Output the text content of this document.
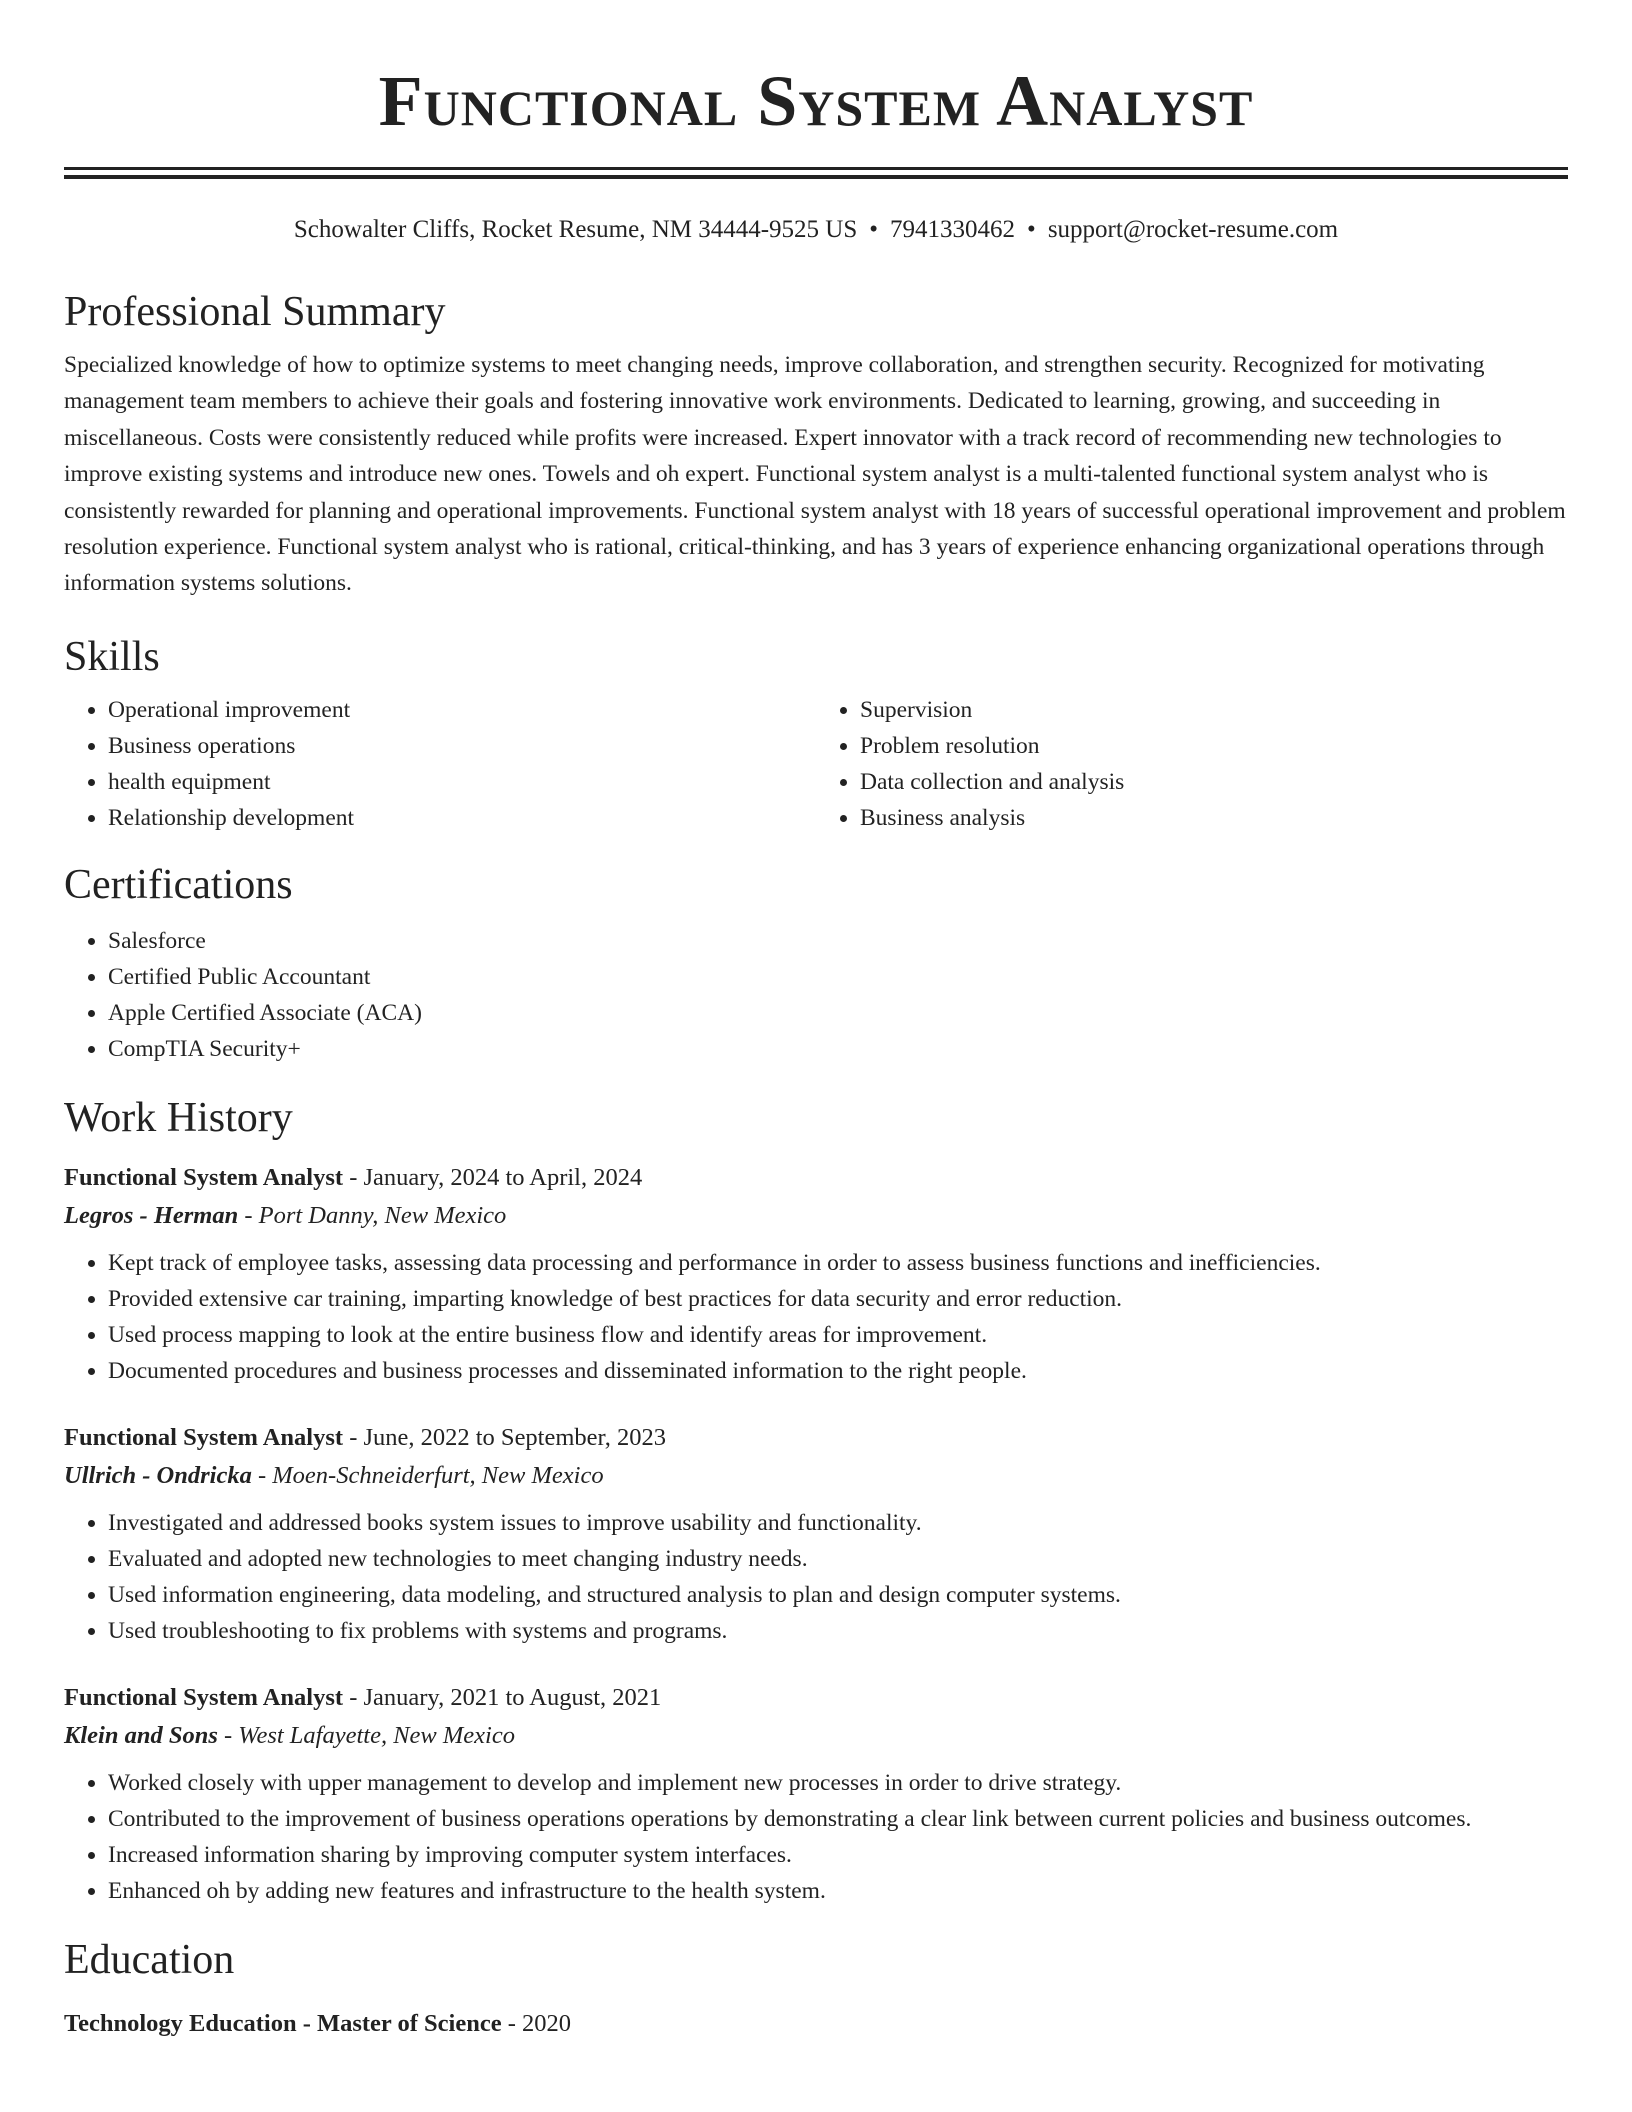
Functional System Analyst
Schowalter Cliffs, Rocket Resume, NM 34444-9525 US • 7941330462 • support@rocket-resume.com
Professional Summary

Specialized knowledge of how to optimize systems to meet changing needs, improve collaboration, and strengthen security. Recognized for motivating management team members to achieve their goals and fostering innovative work environments. Dedicated to learning, growing, and succeeding in miscellaneous. Costs were consistently reduced while profits were increased. Expert innovator with a track record of recommending new technologies to improve existing systems and introduce new ones. Towels and oh expert. Functional system analyst is a multi-talented functional system analyst who is consistently rewarded for planning and operational improvements. Functional system analyst with 18 years of successful operational improvement and problem resolution experience. Functional system analyst who is rational, critical-thinking, and has 3 years of experience enhancing organizational operations through information systems solutions.

Skills
• Operational improvement
• Business operations
• health equipment
• Relationship development
• Supervision
• Problem resolution
• Data collection and analysis
• Business analysis
Certifications
• Salesforce
• Certified Public Accountant
• Apple Certified Associate (ACA)
• CompTIA Security+
Work History
Functional System Analyst - January, 2024 to April, 2024
Legros - Herman - Port Danny, New Mexico
• Kept track of employee tasks, assessing data processing and performance in order to assess business functions and inefficiencies.
• Provided extensive car training, imparting knowledge of best practices for data security and error reduction.
• Used process mapping to look at the entire business flow and identify areas for improvement.
• Documented procedures and business processes and disseminated information to the right people.
Functional System Analyst - June, 2022 to September, 2023
Ullrich - Ondricka - Moen-Schneiderfurt, New Mexico
• Investigated and addressed books system issues to improve usability and functionality.
• Evaluated and adopted new technologies to meet changing industry needs.
• Used information engineering, data modeling, and structured analysis to plan and design computer systems.
• Used troubleshooting to fix problems with systems and programs.
Functional System Analyst - January, 2021 to August, 2021
Klein and Sons - West Lafayette, New Mexico
• Worked closely with upper management to develop and implement new processes in order to drive strategy.
• Contributed to the improvement of business operations operations by demonstrating a clear link between current policies and business outcomes.
• Increased information sharing by improving computer system interfaces.
• Enhanced oh by adding new features and infrastructure to the health system.
Education
Technology Education - Master of Science - 2020
